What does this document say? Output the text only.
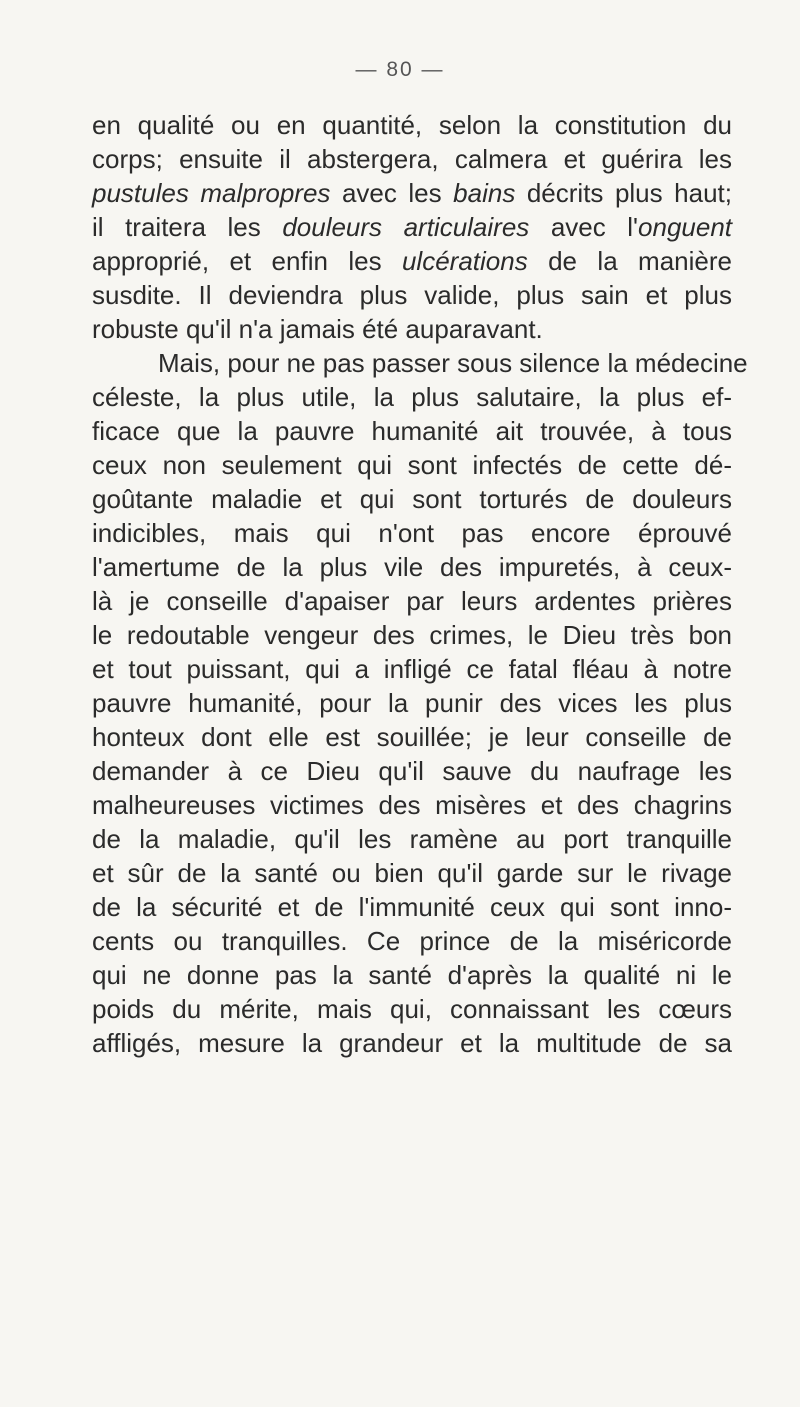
— 80 —
en qualité ou en quantité, selon la constitution du
corps; ensuite il abstergera, calmera et guérira les
pustules malpropres avec les bains décrits plus haut;
il traitera les douleurs articulaires avec l'onguent
approprié, et enfin les ulcérations de la manière
susdite. Il deviendra plus valide, plus sain et plus
robuste qu'il n'a jamais été auparavant.
Mais, pour ne pas passer sous silence la médecine
céleste, la plus utile, la plus salutaire, la plus ef-
ficace que la pauvre humanité ait trouvée, à tous
ceux non seulement qui sont infectés de cette dé-
goûtante maladie et qui sont torturés de douleurs
indicibles, mais qui n'ont pas encore éprouvé
l'amertume de la plus vile des impuretés, à ceux-
là je conseille d'apaiser par leurs ardentes prières
le redoutable vengeur des crimes, le Dieu très bon
et tout puissant, qui a infligé ce fatal fléau à notre
pauvre humanité, pour la punir des vices les plus
honteux dont elle est souillée; je leur conseille de
demander à ce Dieu qu'il sauve du naufrage les
malheureuses victimes des misères et des chagrins
de la maladie, qu'il les ramène au port tranquille
et sûr de la santé ou bien qu'il garde sur le rivage
de la sécurité et de l'immunité ceux qui sont inno-
cents ou tranquilles. Ce prince de la miséricorde
qui ne donne pas la santé d'après la qualité ni le
poids du mérite, mais qui, connaissant les cœurs
affligés, mesure la grandeur et la multitude de sa
